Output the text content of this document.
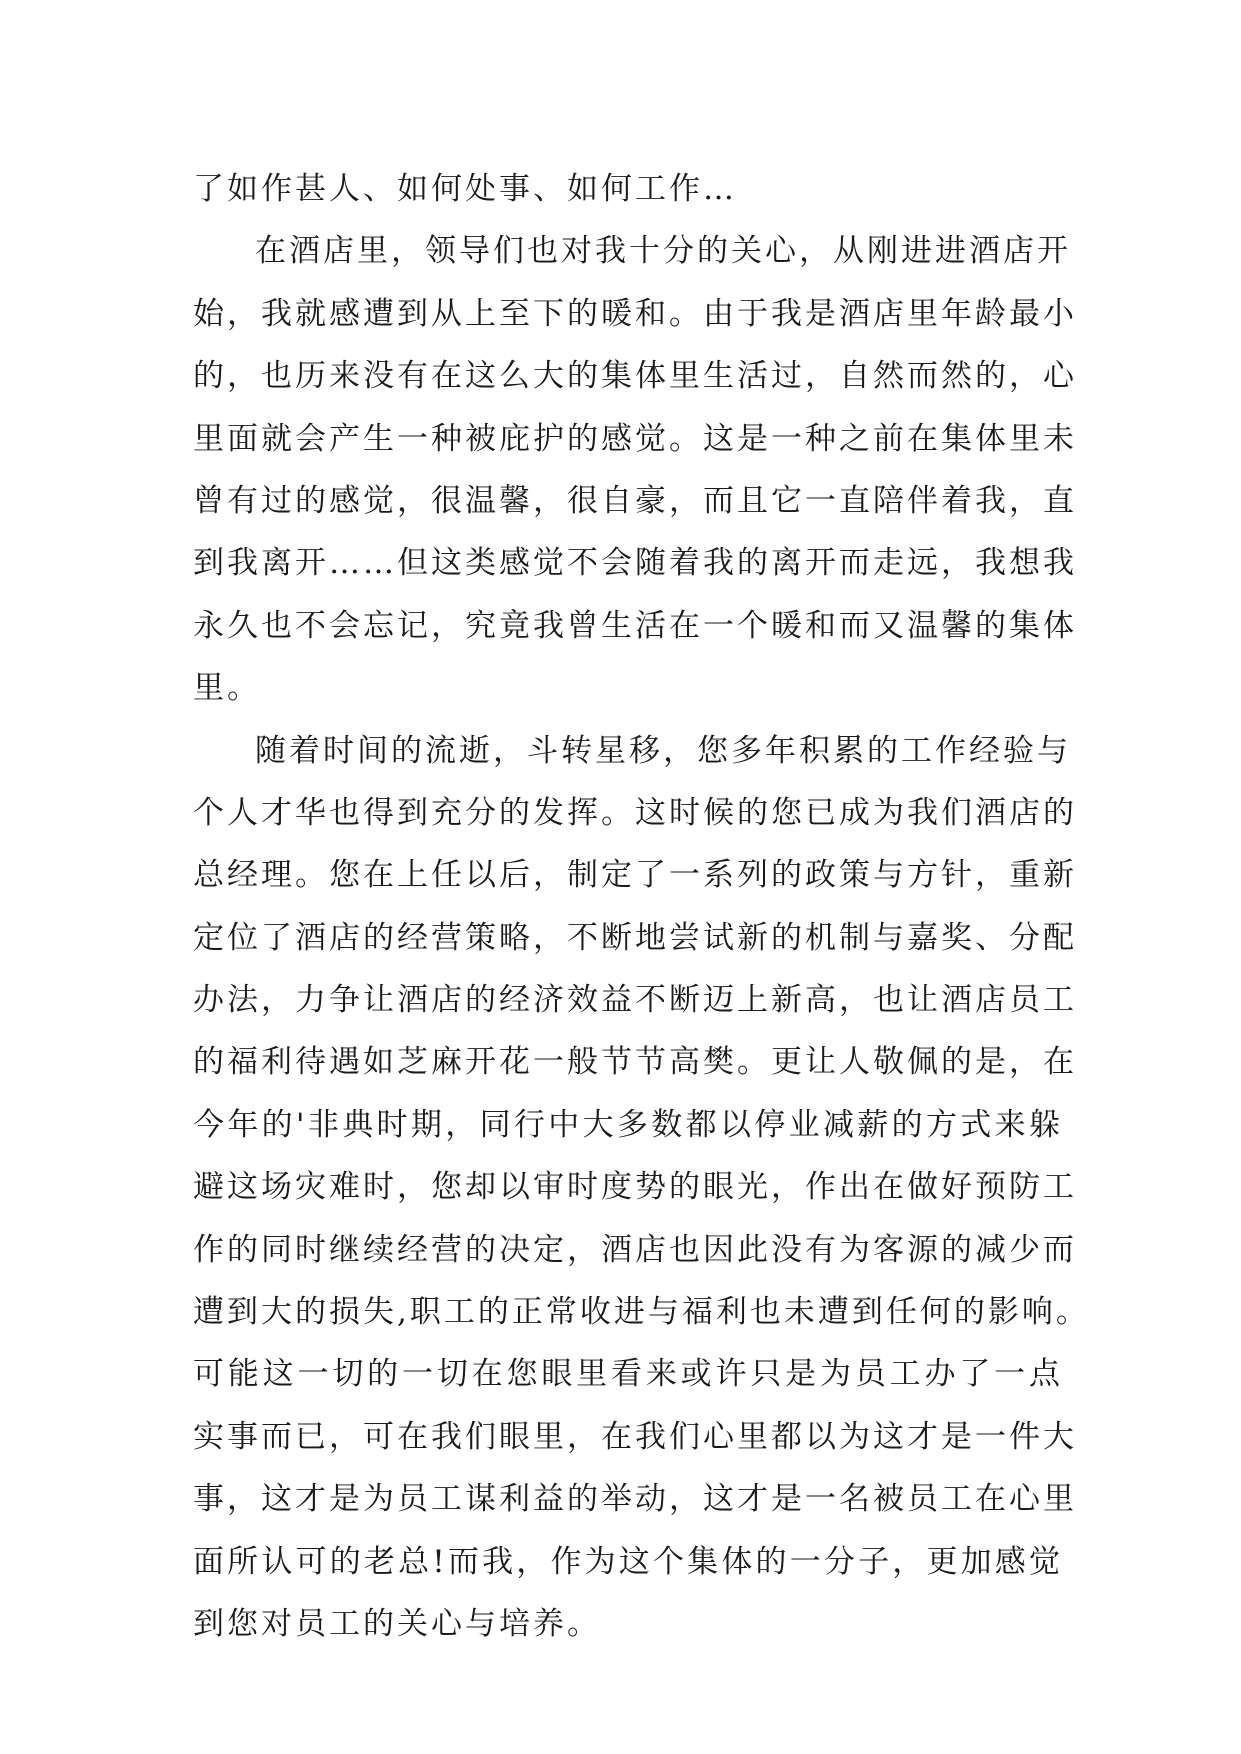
了如作甚人、如何处事、如何工作…
在酒店里，领导们也对我十分的关心，从刚进进酒店开
始，我就感遭到从上至下的暖和。由于我是酒店里年龄最小
的，也历来没有在这么大的集体里生活过，自然而然的，心
里面就会产生一种被庇护的感觉。这是一种之前在集体里未
曾有过的感觉，很温馨，很自豪，而且它一直陪伴着我，直
到我离开……但这类感觉不会随着我的离开而走远，我想我
永久也不会忘记，究竟我曾生活在一个暖和而又温馨的集体
里。
随着时间的流逝，斗转星移，您多年积累的工作经验与
个人才华也得到充分的发挥。这时候的您已成为我们酒店的
总经理。您在上任以后，制定了一系列的政策与方针，重新
定位了酒店的经营策略，不断地尝试新的机制与嘉奖、分配
办法，力争让酒店的经济效益不断迈上新高，也让酒店员工
的福利待遇如芝麻开花一般节节高樊。更让人敬佩的是，在
今年的'非典时期，同行中大多数都以停业减薪的方式来躲
避这场灾难时，您却以审时度势的眼光，作出在做好预防工
作的同时继续经营的决定，酒店也因此没有为客源的减少而
遭到大的损失,职工的正常收进与福利也未遭到任何的影响。
可能这一切的一切在您眼里看来或许只是为员工办了一点
实事而已，可在我们眼里，在我们心里都以为这才是一件大
事，这才是为员工谋利益的举动，这才是一名被员工在心里
面所认可的老总!而我，作为这个集体的一分子，更加感觉
到您对员工的关心与培养。
